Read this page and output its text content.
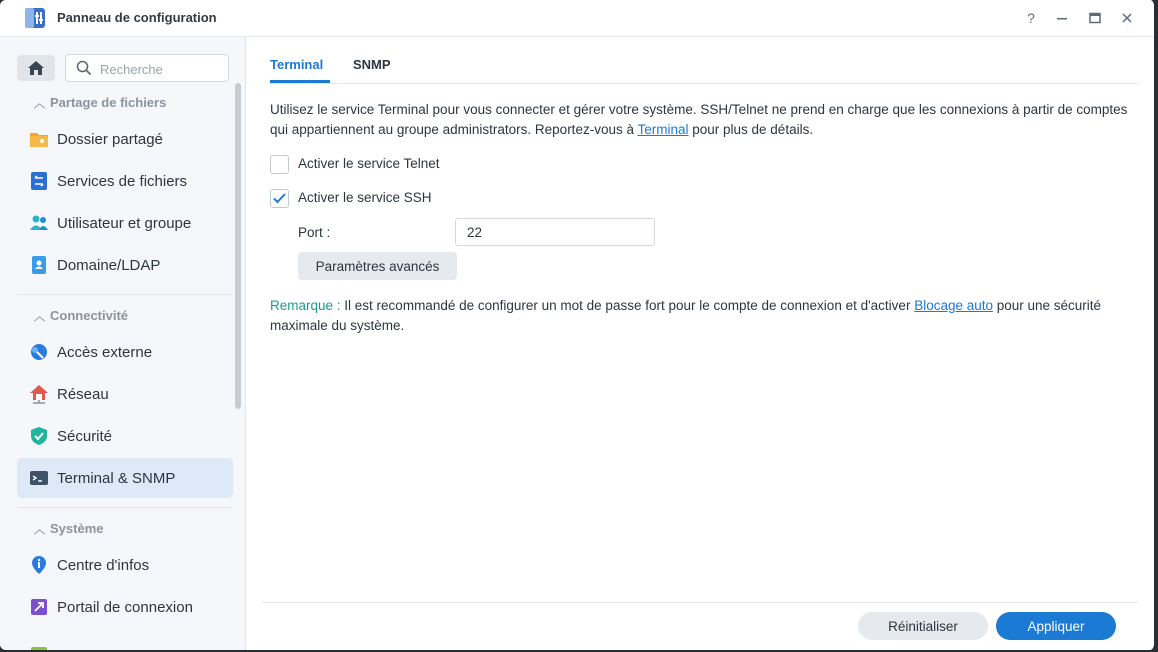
Panneau de configuration	?
Recherche
︿ Partage de fichiers
Dossier partagé
Services de fichiers
Utilisateur et groupe
Domaine/LDAP
︿ Connectivité
Accès externe
Réseau
Sécurité
Terminal & SNMP
︿ Système
Centre d'infos
Portail de connexion
Terminal SNMP
Utilisez le service Terminal pour vous connecter et gérer votre système. SSH/Telnet ne prend en charge que les connexions à partir de comptes qui appartiennent au groupe administrators. Reportez-vous à Terminal pour plus de détails.
Activer le service Telnet
Activer le service SSH
Port :
22
Paramètres avancés
Remarque : Il est recommandé de configurer un mot de passe fort pour le compte de connexion et d'activer Blocage auto pour une sécurité maximale du système.
Réinitialiser	Appliquer
